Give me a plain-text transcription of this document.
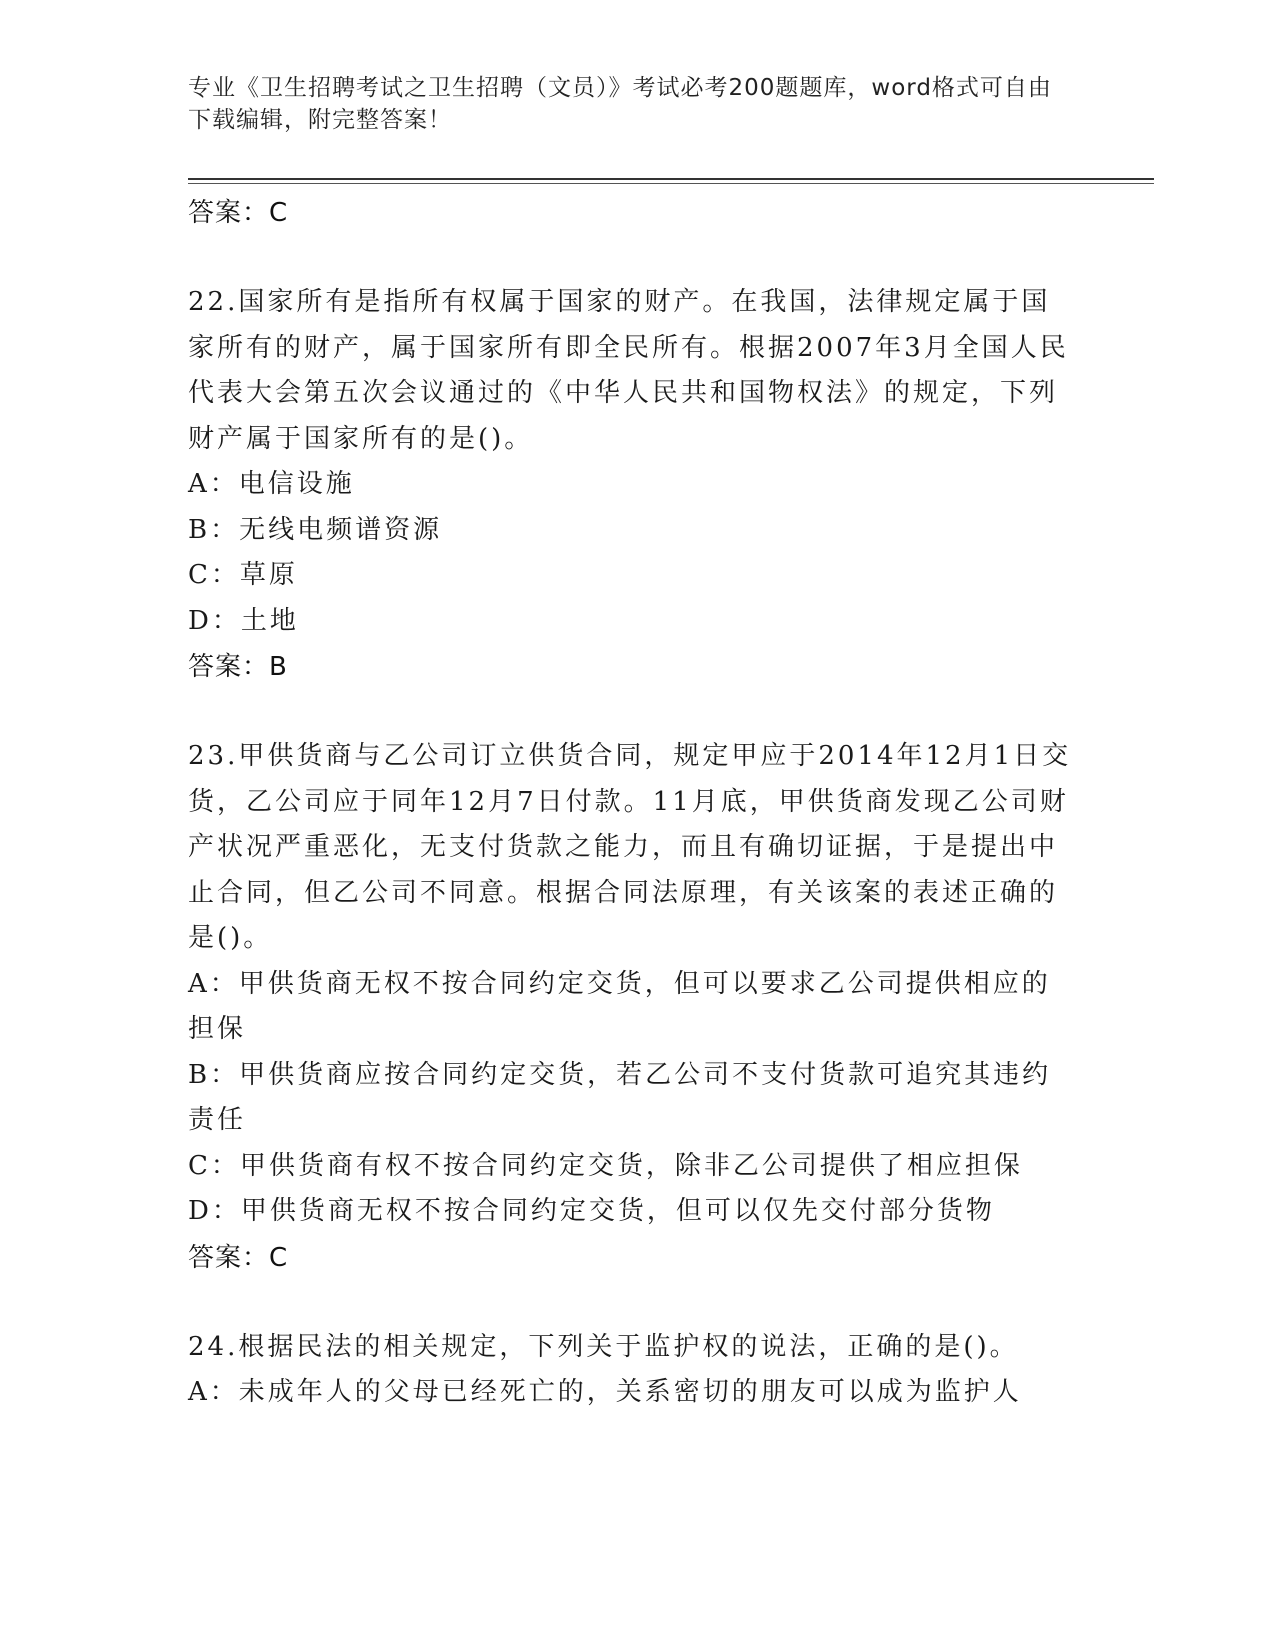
专业《卫生招聘考试之卫生招聘（文员）》考试必考200题题库，word格式可自由下载编辑，附完整答案！
答案：C
22.国家所有是指所有权属于国家的财产。在我国，法律规定属于国家所有的财产，属于国家所有即全民所有。根据2007年3月全国人民代表大会第五次会议通过的《中华人民共和国物权法》的规定，下列财产属于国家所有的是()。
A：电信设施
B：无线电频谱资源
C：草原
D：土地
答案：B
23.甲供货商与乙公司订立供货合同，规定甲应于2014年12月1日交货，乙公司应于同年12月7日付款。11月底，甲供货商发现乙公司财产状况严重恶化，无支付货款之能力，而且有确切证据，于是提出中止合同，但乙公司不同意。根据合同法原理，有关该案的表述正确的是()。
A：甲供货商无权不按合同约定交货，但可以要求乙公司提供相应的担保
B：甲供货商应按合同约定交货，若乙公司不支付货款可追究其违约责任
C：甲供货商有权不按合同约定交货，除非乙公司提供了相应担保
D：甲供货商无权不按合同约定交货，但可以仅先交付部分货物
答案：C
24.根据民法的相关规定，下列关于监护权的说法，正确的是()。
A：未成年人的父母已经死亡的，关系密切的朋友可以成为监护人
